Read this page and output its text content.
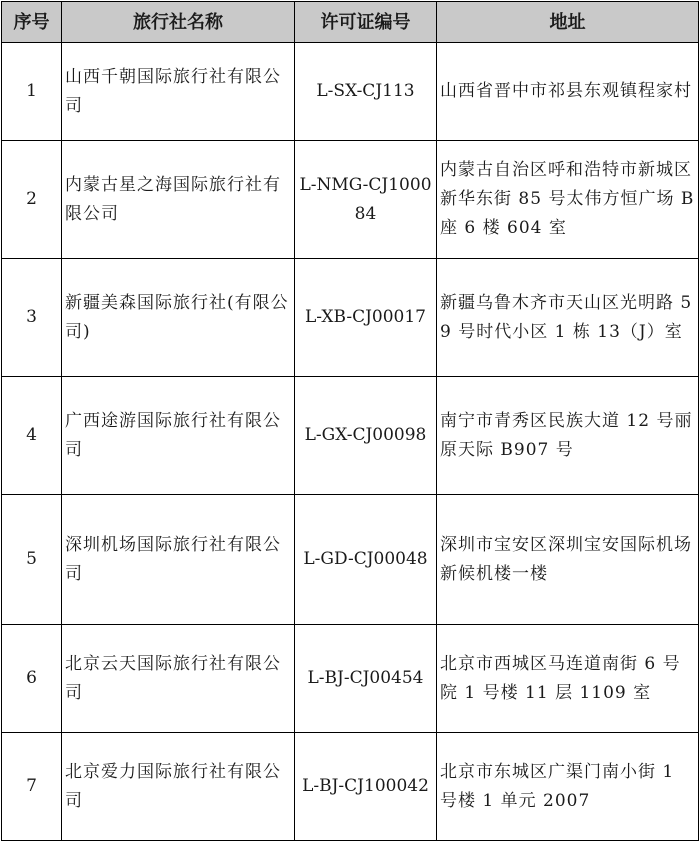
序号	旅行社名称	许可证编号	地址
1	山西千朝国际旅行社有限公司	L-SX-CJ113	山西省晋中市祁县东观镇程家村
2	内蒙古星之海国际旅行社有限公司	L-NMG-CJ100084	内蒙古自治区呼和浩特市新城区新华东街 85 号太伟方恒广场 B 座 6 楼 604 室
3	新疆美森国际旅行社(有限公司)	L-XB-CJ00017	新疆乌鲁木齐市天山区光明路 59 号时代小区 1 栋 13（J）室
4	广西途游国际旅行社有限公司	L-GX-CJ00098	南宁市青秀区民族大道 12 号丽原天际 B907 号
5	深圳机场国际旅行社有限公司	L-GD-CJ00048	深圳市宝安区深圳宝安国际机场新候机楼一楼
6	北京云天国际旅行社有限公司	L-BJ-CJ00454	北京市西城区马连道南街 6 号院 1 号楼 11 层 1109 室
7	北京爱力国际旅行社有限公司	L-BJ-CJ100042	北京市东城区广渠门南小街 1 号楼 1 单元 2007
